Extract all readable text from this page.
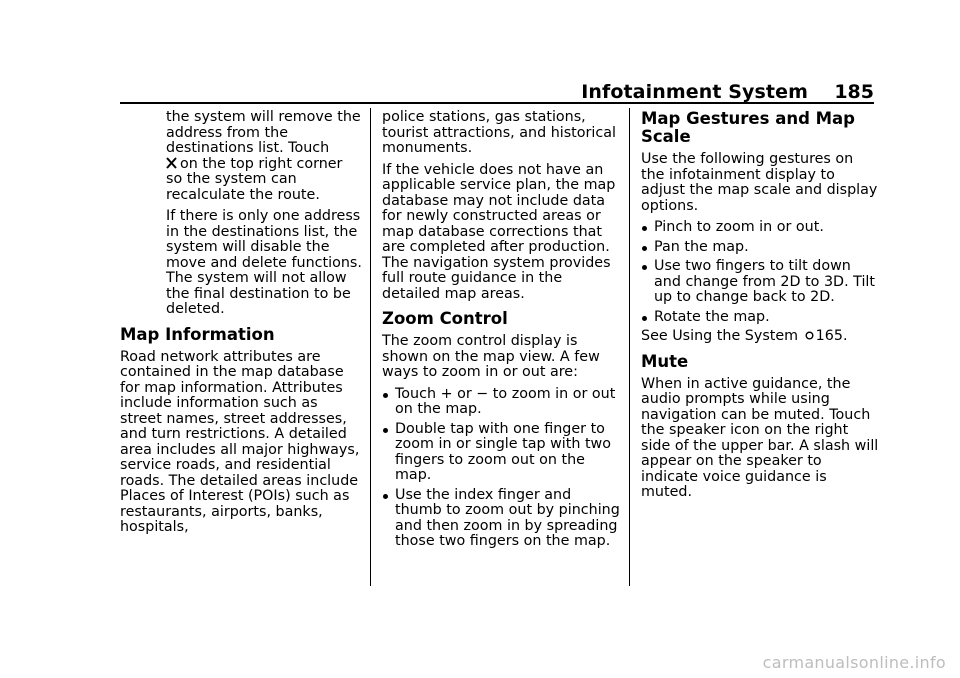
Infotainment System 185

the system will remove the address from the destinations list. Touch
on the top right corner so the system can recalculate the route.

If there is only one address in the destinations list, the system will disable the move and delete functions. The system will not allow the final destination to be deleted.

Map Information

Road network attributes are contained in the map database for map information. Attributes include information such as street names, street addresses, and turn restrictions. A detailed area includes all major highways, service roads, and residential roads. The detailed areas include Places of Interest (POIs) such as restaurants, airports, banks, hospitals,

police stations, gas stations, tourist attractions, and historical monuments.

If the vehicle does not have an applicable service plan, the map database may not include data for newly constructed areas or map database corrections that are completed after production. The navigation system provides full route guidance in the detailed map areas.

Zoom Control

The zoom control display is shown on the map view. A few ways to zoom in or out are:

Touch + or − to zoom in or out on the map.
Double tap with one finger to zoom in or single tap with two fingers to zoom out on the map.
Use the index finger and thumb to zoom out by pinching and then zoom in by spreading those two fingers on the map.
Map Gestures and Map Scale

Use the following gestures on the infotainment display to adjust the map scale and display options.

Pinch to zoom in or out.
Pan the map.
Use two fingers to tilt down and change from 2D to 3D. Tilt up to change back to 2D.
Rotate the map.

See Using the System 165.

Mute

When in active guidance, the audio prompts while using navigation can be muted. Touch the speaker icon on the right side of the upper bar. A slash will appear on the speaker to indicate voice guidance is muted.

carmanualsonline.info
